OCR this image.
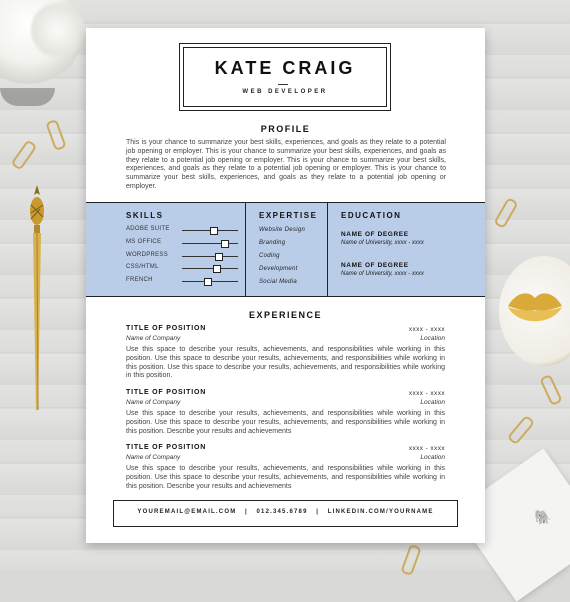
🐘
KATE CRAIG
WEB DEVELOPER
PROFILE
This is your chance to summarize your best skills, experiences, and goals as they relate to a potential job opening or employer. This is your chance to summarize your best skills, experiences, and goals as they relate to a potential job opening or employer. This is your chance to summarize your best skills, experiences, and goals as they relate to a potential job opening or employer. This is your chance to summarize your best skills, experiences, and goals as they relate to a potential job opening or employer.
SKILLS
ADOBE SUITE
MS OFFICE
WORDPRESS
CSS/HTML
FRENCH
EXPERTISE
Website Design
Branding
Coding
Development
Social Media
EDUCATION
NAME OF DEGREE
Name of University, xxxx - xxxx
NAME OF DEGREE
Name of University, xxxx - xxxx
EXPERIENCE
TITLE OF POSITION	xxxx - xxxx
Name of Company	Location
Use this space to describe your results, achievements, and responsibilities while working in this position. Use this space to describe your results, achievements, and responsibilities while working in this position. Use this space to describe your results, achievements, and responsibilities while working in this position.
TITLE OF POSITION	xxxx - xxxx
Name of Company	Location
Use this space to describe your results, achievements, and responsibilities while working in this position. Use this space to describe your results, achievements, and responsibilities while working in this position. Describe your results and achievements
TITLE OF POSITION	xxxx - xxxx
Name of Company	Location
Use this space to describe your results, achievements, and responsibilities while working in this position. Use this space to describe your results, achievements, and responsibilities while working in this position. Describe your results and achievements
YOUREMAIL@EMAIL.COM | 012.345.6789 | LINKEDIN.COM/YOURNAME
